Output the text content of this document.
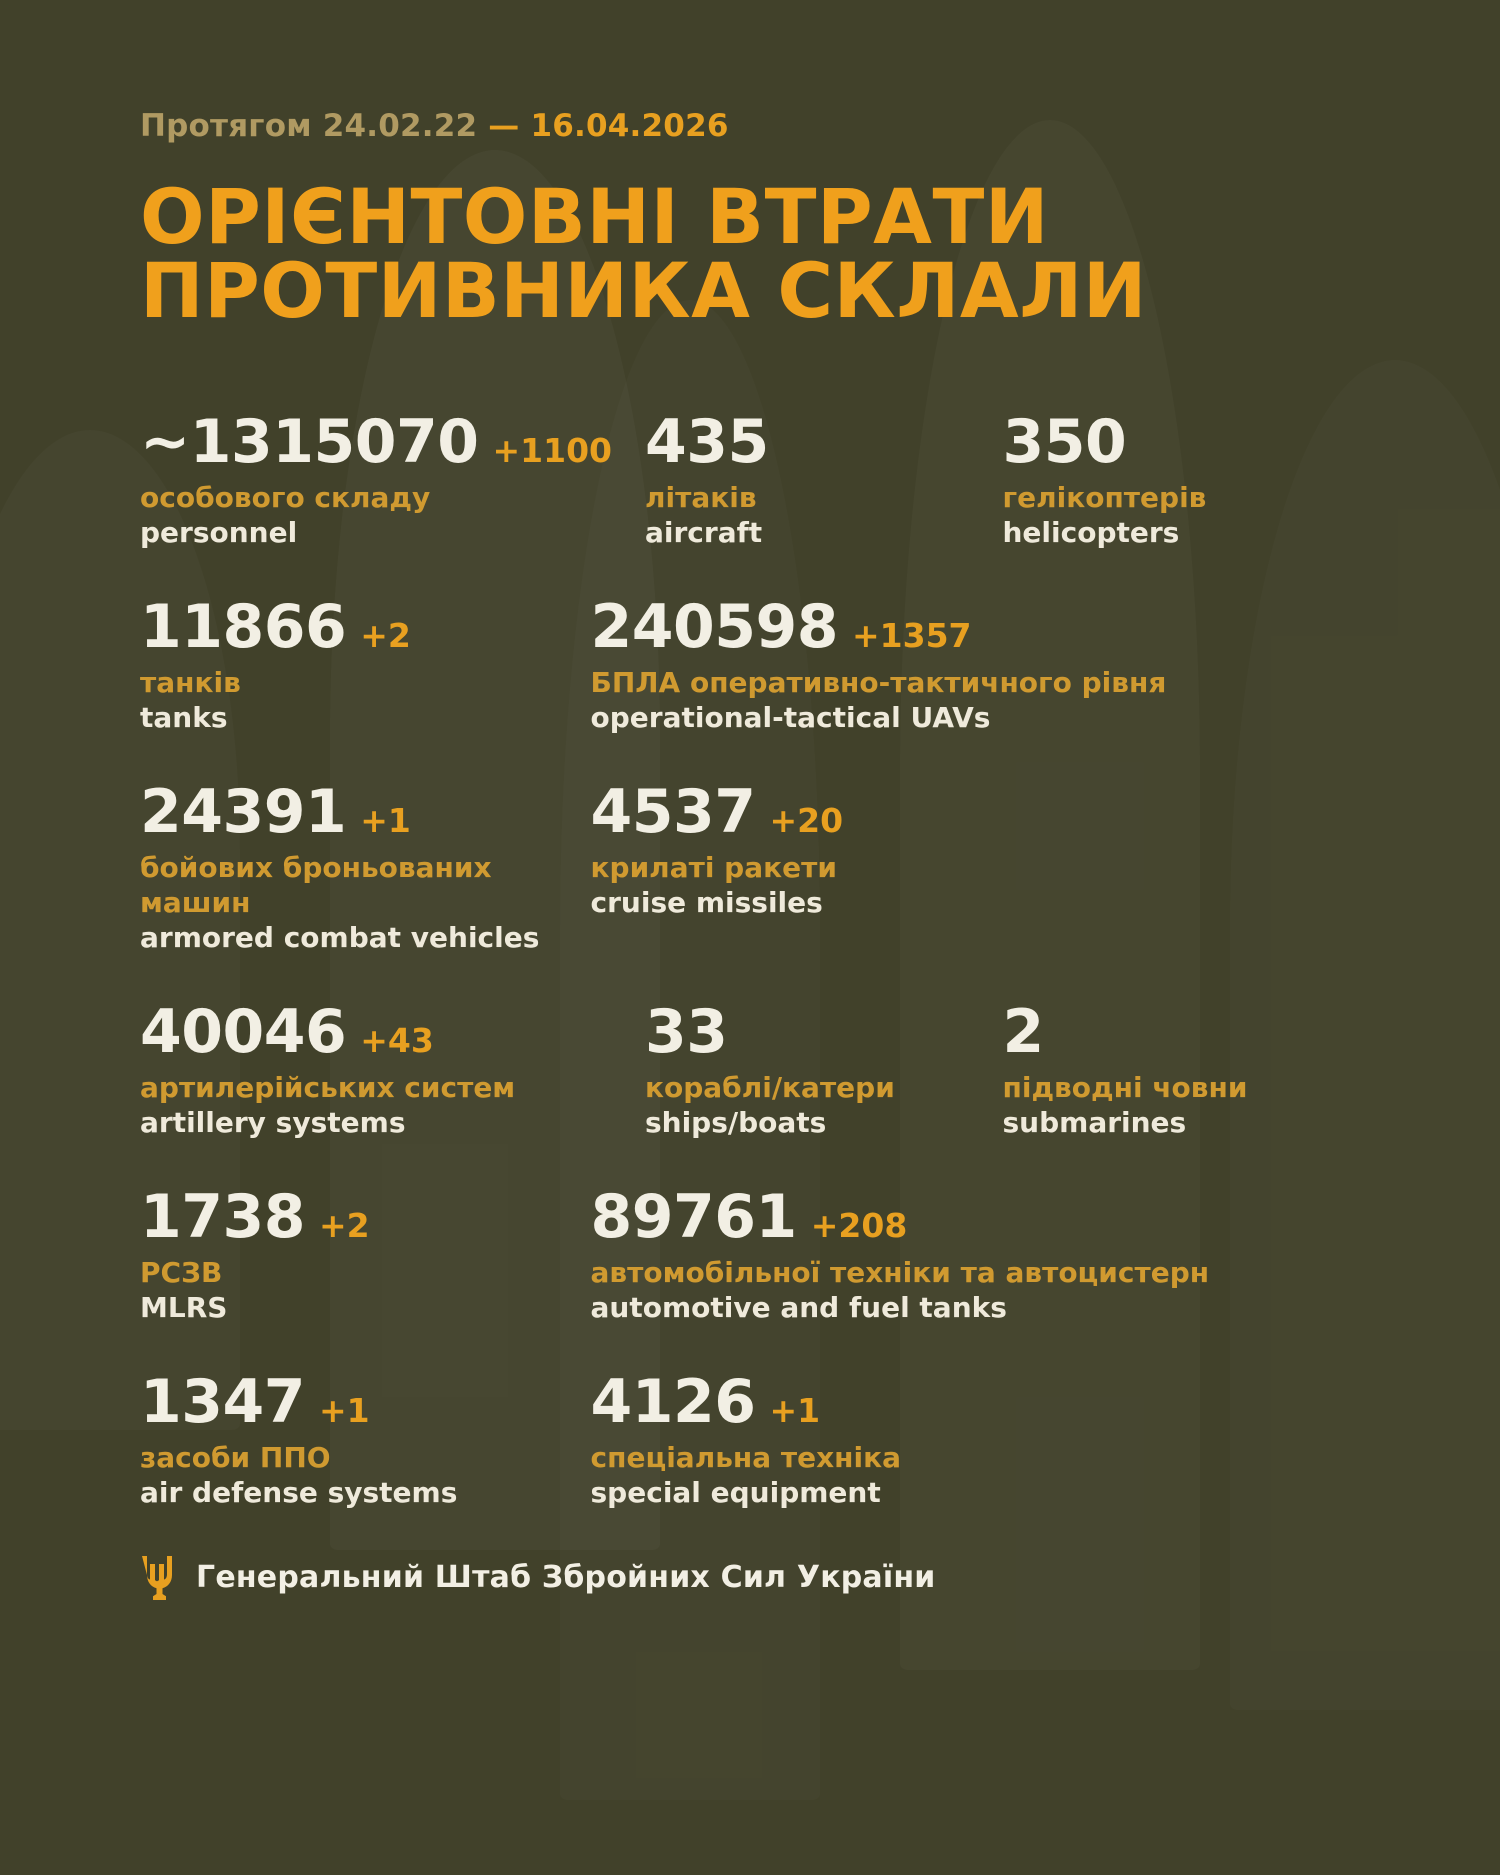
Протягом 24.02.22 — 16.04.2026
ОРІЄНТОВНІ ВТРАТИ
ПРОТИВНИКА СКЛАЛИ
~1315070 +1100
особового складу
personnel
435
літаків
aircraft
350
гелікоптерів
helicopters
11866 +2
танків
tanks
240598 +1357
БПЛА оперативно-тактичного рівня
operational-tactical UAVs
24391 +1
бойових броньованих машин
armored combat vehicles
4537 +20
крилаті ракети
cruise missiles
40046 +43
артилерійських систем
artillery systems
33
кораблі/катери
ships/boats
2
підводні човни
submarines
1738 +2
РСЗВ
MLRS
89761 +208
автомобільної техніки та автоцистерн
automotive and fuel tanks
1347 +1
засоби ППО
air defense systems
4126 +1
спеціальна техніка
special equipment
Генеральний Штаб Збройних Сил України
